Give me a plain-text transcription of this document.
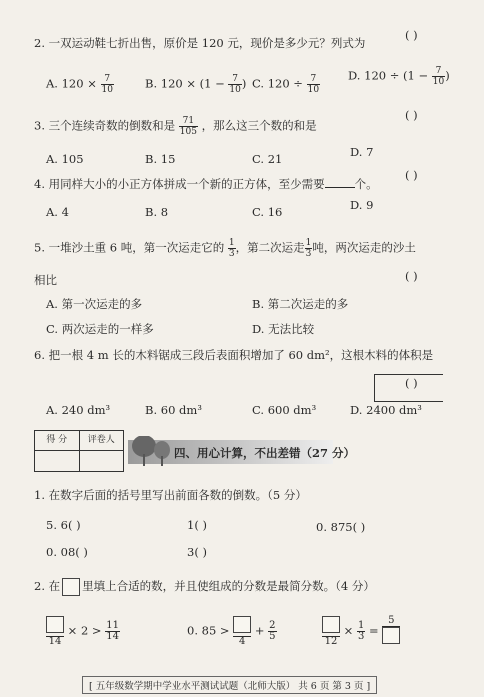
2. 一双运动鞋七折出售，原价是 120 元，现价是多少元？列式为
( )
A. $120 \times \frac{7}{10}$	B. $120 \times (1 - \frac{7}{10}$ ) C. $120 \div \frac{7}{10} D$. $120 \div (1 - \frac{7}{10}$ )
3. 三个连续奇数的倒数和是 $\frac{71}{105}$ ，那么这三个数的和是
( )
A. 105	B. 15	C. 21	D. 7
4. 用同样大小的小正方体拼成一个新的正方体，至少需要	个。
( )
A. 4	B. 8	C. 16	D. 9
5. 一堆沙土重 6 吨，第一次运走它的 $\frac{1}{3}$ ，第二次运走 $\frac{1}{3}$ 吨，两次运走的沙土
相比	( )
A. 第一次运走的多	B. 第二次运走的多
C. 两次运走的一样多	D. 无法比较
6. 把一根 4 m 长的木料锯成三段后表面积增加了 60 dm²，这根木料的体积是
( )
A. 240 dm³	B. 60 dm³	C. 600 dm³	D. 2400 dm³
得 分	评卷人
四、用心计算，不出差错（27 分）
1. 在数字后面的括号里写出前面各数的倒数。（5 分）
5. 6( )	1( )	0. 875( )
0. 08( )	3( )
2. 在 里填上合适的数，并且使组成的分数是最简分数。（4 分）
14
× $2 > \frac{11}{14}$	0. 85 >
4
+ $\frac{2}{5}$	12
× $\frac{1}{3}$ =
5
[ 五年级数学期中学业水平测试试题（北师大版） 共 6 页 第 3 页 ]
